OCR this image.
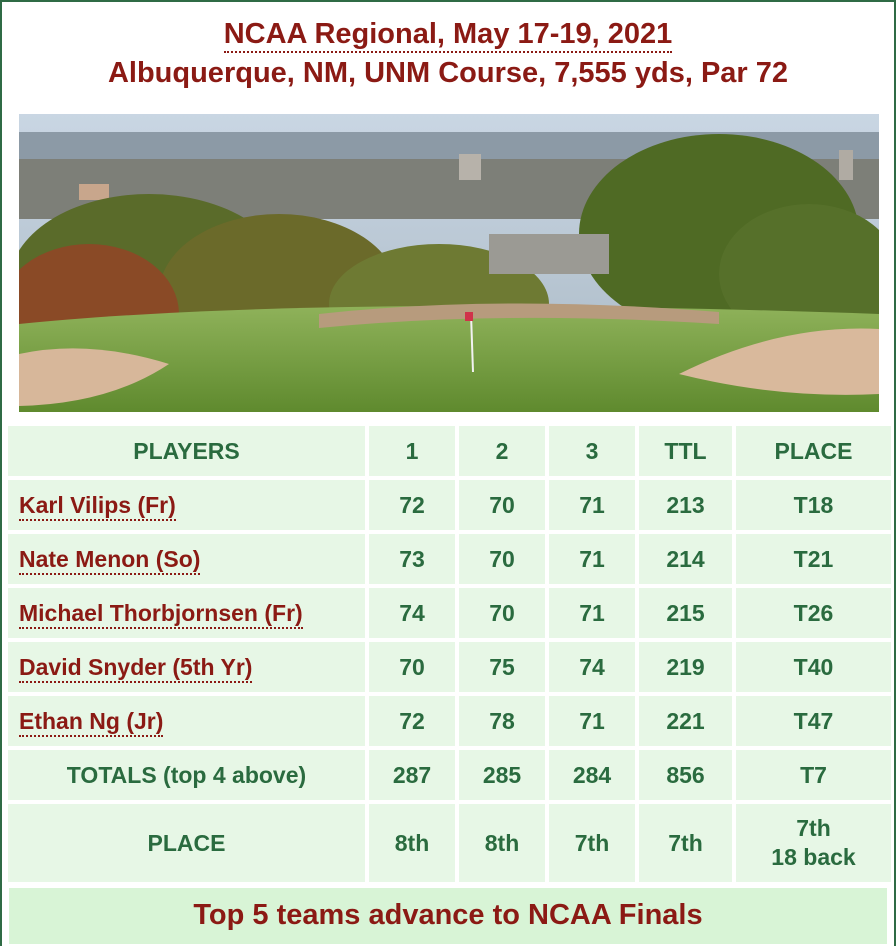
NCAA Regional, May 17-19, 2021
Albuquerque, NM, UNM Course, 7,555 yds, Par 72
PLAYERS	1	2	3	TTL	PLACE
Karl Vilips (Fr)	72	70	71	213	T18
Nate Menon (So)	73	70	71	214	T21
Michael Thorbjornsen (Fr)	74	70	71	215	T26
David Snyder (5th Yr)	70	75	74	219	T40
Ethan Ng (Jr)	72	78	71	221	T47
TOTALS (top 4 above)	287	285	284	856	T7
PLACE	8th	8th	7th	7th	7th
18 back
Top 5 teams advance to NCAA Finals
